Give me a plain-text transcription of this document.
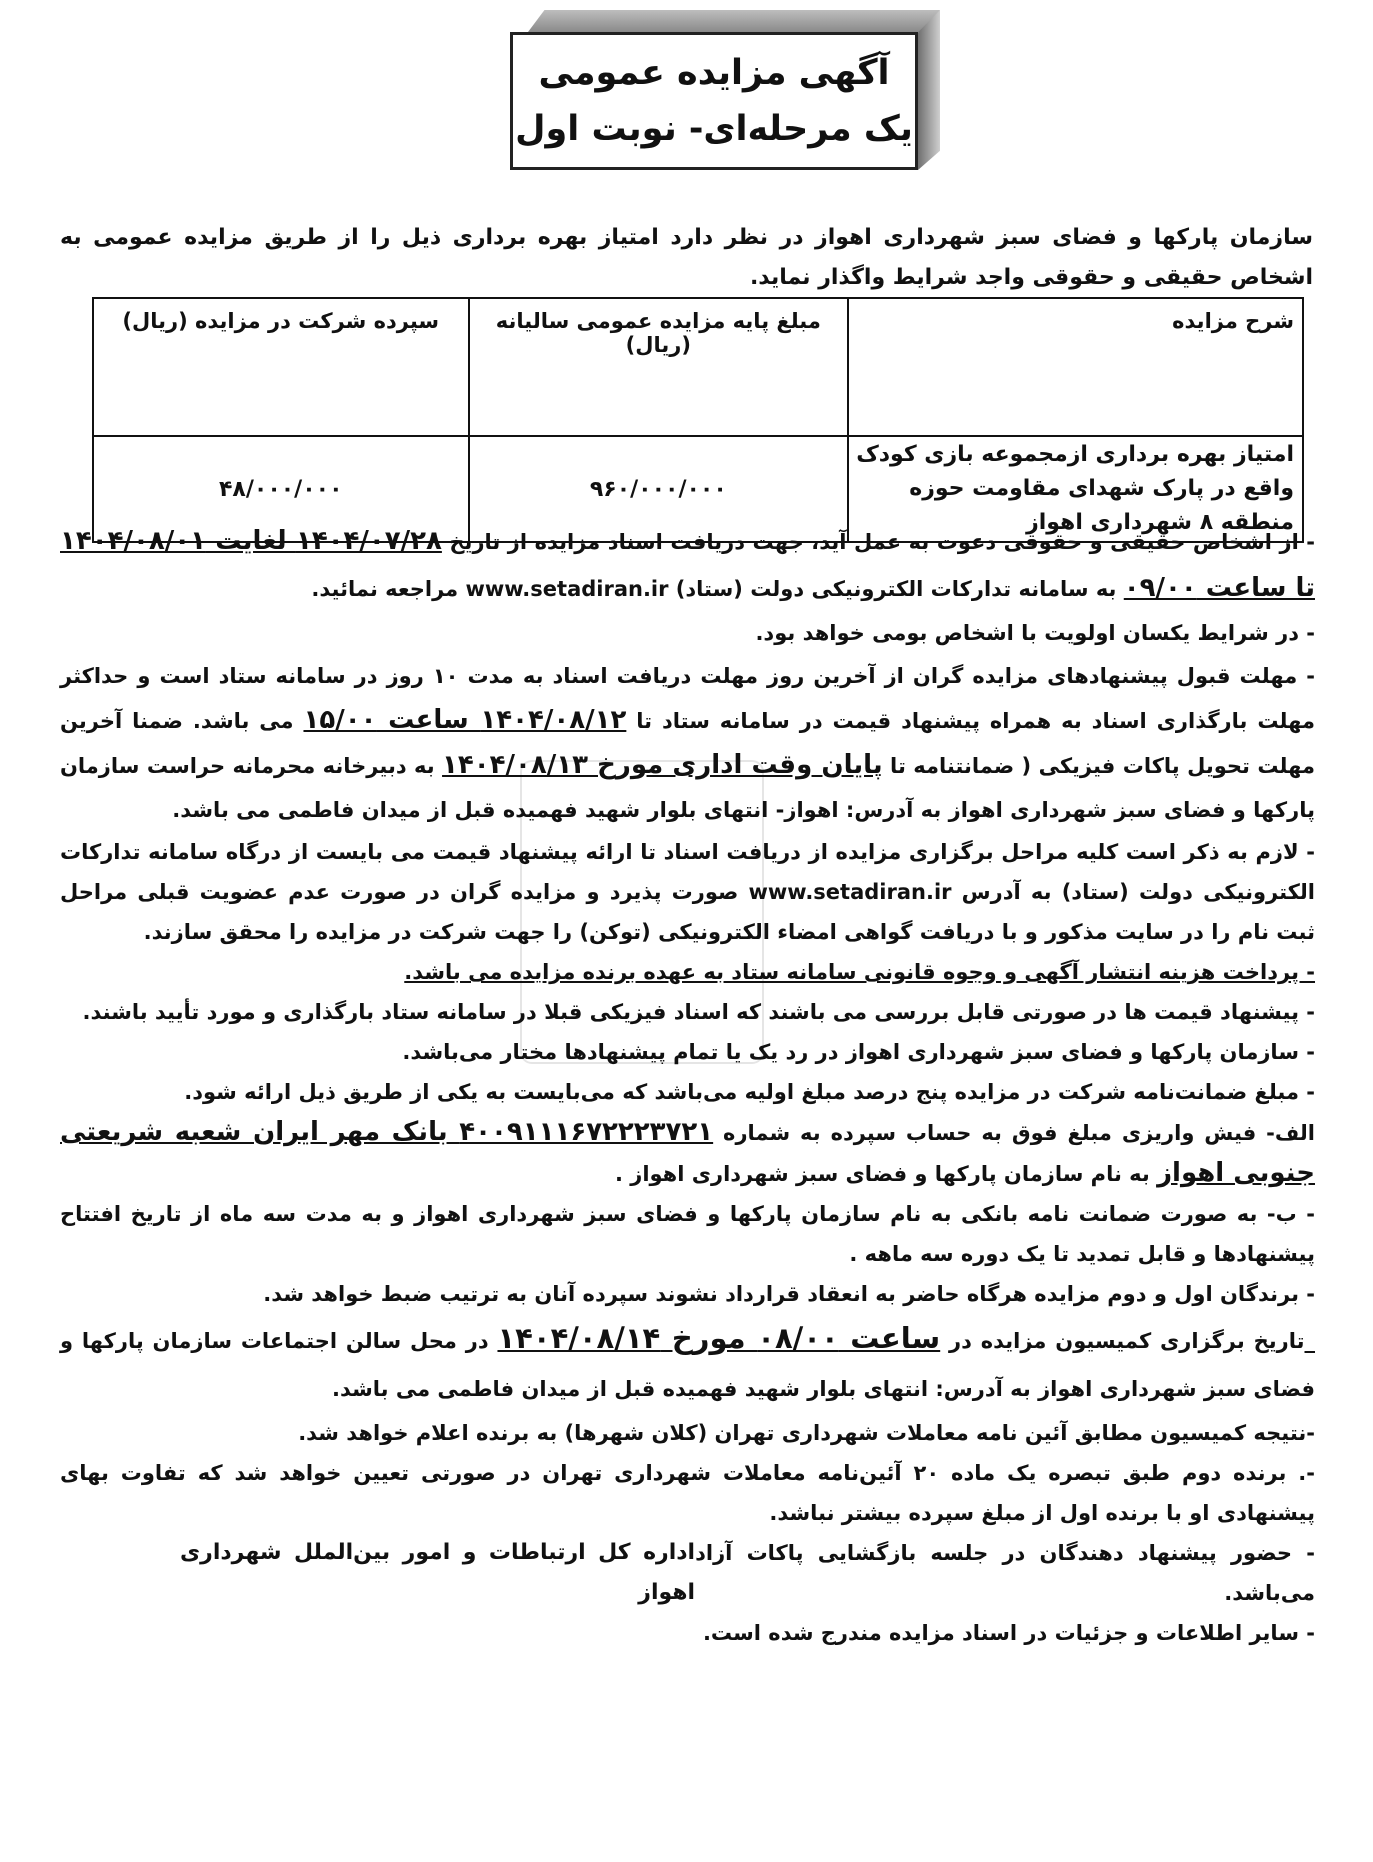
آگهی مزایده عمومی
یک مرحله‌ای- نوبت اول
سازمان پارکها و فضای سبز شهرداری اهواز در نظر دارد امتیاز بهره برداری ذیل را از طریق مزایده عمومی به اشخاص حقیقی و حقوقی واجد شرایط واگذار نماید.
شرح مزایده	مبلغ پایه مزایده عمومی سالیانه (ریال)	سپرده شرکت در مزایده (ریال)
امتیاز بهره برداری ازمجموعه بازی کودک واقع در پارک شهدای مقاومت حوزه منطقه ۸ شهرداری اهواز	۹۶۰/۰۰۰/۰۰۰	۴۸/۰۰۰/۰۰۰

- از اشخاص حقیقی و حقوقی دعوت به عمل آید، جهت دریافت اسناد مزایده از تاریخ ۱۴۰۴/۰۷/۲۸ لغایت ۱۴۰۴/۰۸/۰۱ تا ساعت ۰۹/۰۰ به سامانه تدارکات الکترونیکی دولت (ستاد) www.setadiran.ir مراجعه نمائید.

- در شرایط یکسان اولویت با اشخاص بومی خواهد بود.

- مهلت قبول پیشنهادهای مزایده گران از آخرین روز مهلت دریافت اسناد به مدت ۱۰ روز در سامانه ستاد است و حداکثر مهلت بارگذاری اسناد به همراه پیشنهاد قیمت در سامانه ستاد تا ۱۴۰۴/۰۸/۱۲ ساعت ۱۵/۰۰ می باشد. ضمنا آخرین مهلت تحویل پاکات فیزیکی ( ضمانتنامه تا پایان وقت اداری مورخ ۱۴۰۴/۰۸/۱۳ به دبیرخانه محرمانه حراست سازمان پارکها و فضای سبز شهرداری اهواز به آدرس: اهواز- انتهای بلوار شهید فهمیده قبل از میدان فاطمی می باشد.

- لازم به ذکر است کلیه مراحل برگزاری مزایده از دریافت اسناد تا ارائه پیشنهاد قیمت می بایست از درگاه سامانه تدارکات الکترونیکی دولت (ستاد) به آدرس www.setadiran.ir صورت پذیرد و مزایده گران در صورت عدم عضویت قبلی مراحل ثبت نام را در سایت مذکور و با دریافت گواهی امضاء الکترونیکی (توکن) را جهت شرکت در مزایده را محقق سازند.

- پرداخت هزینه انتشار آگهی و وجوه قانونی سامانه ستاد به عهده برنده مزایده می باشد.

- پیشنهاد قیمت ها در صورتی قابل بررسی می باشند که اسناد فیزیکی قبلا در سامانه ستاد بارگذاری و مورد تأیید باشند.

- سازمان پارکها و فضای سبز شهرداری اهواز در رد یک یا تمام پیشنهادها مختار می‌باشد.

- مبلغ ضمانت‌نامه شرکت در مزایده پنج درصد مبلغ اولیه می‌باشد که می‌بایست به یکی از طریق ذیل ارائه شود.

الف- فیش واریزی مبلغ فوق به حساب سپرده به شماره ۴۰۰۹۱۱۱۶۷۲۲۲۳۷۲۱ بانک مهر ایران شعبه شریعتی جنوبی اهواز به نام سازمان پارکها و فضای سبز شهرداری اهواز .

- ب- به صورت ضمانت نامه بانکی به نام سازمان پارکها و فضای سبز شهرداری اهواز و به مدت سه ماه از تاریخ افتتاح پیشنهادها و قابل تمدید تا یک دوره سه ماهه .

- برندگان اول و دوم مزایده هرگاه حاضر به انعقاد قرارداد نشوند سپرده آنان به ترتیب ضبط خواهد شد.

_تاریخ برگزاری کمیسیون مزایده در ساعت ۰۸/۰۰ مورخ ۱۴۰۴/۰۸/۱۴ در محل سالن اجتماعات سازمان پارکها و فضای سبز شهرداری اهواز به آدرس: انتهای بلوار شهید فهمیده قبل از میدان فاطمی می باشد.

-نتیجه کمیسیون مطابق آئین نامه معاملات شهرداری تهران (کلان شهرها) به برنده اعلام خواهد شد.

-. برنده دوم طبق تبصره یک ماده ۲۰ آئین‌نامه معاملات شهرداری تهران در صورتی تعیین خواهد شد که تفاوت بهای پیشنهادی او با برنده اول از مبلغ سپرده بیشتر نباشد.

- حضور پیشنهاد دهندگان در جلسه بازگشایی پاکات آزاد می‌باشد.
اداره کل ارتباطات و امور بین‌الملل شهرداری اهواز

- سایر اطلاعات و جزئیات در اسناد مزایده مندرج شده است.
